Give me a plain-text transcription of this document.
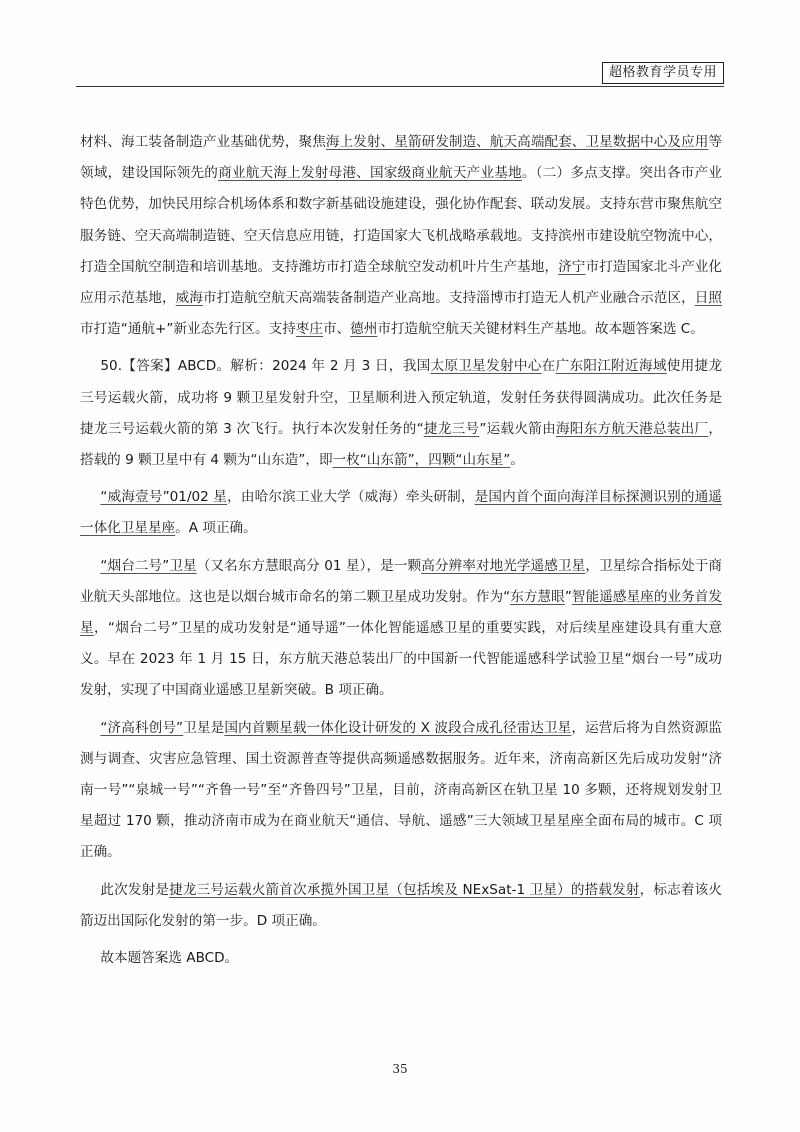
超格教育学员专用

材料、海工装备制造产业基础优势，聚焦海上发射、星箭研发制造、航天高端配套、卫星数据中心及应用等领域，建设国际领先的商业航天海上发射母港、国家级商业航天产业基地。（二）多点支撑。突出各市产业特色优势，加快民用综合机场体系和数字新基础设施建设，强化协作配套、联动发展。支持东营市聚焦航空服务链、空天高端制造链、空天信息应用链，打造国家大飞机战略承载地。支持滨州市建设航空物流中心，打造全国航空制造和培训基地。支持潍坊市打造全球航空发动机叶片生产基地，济宁市打造国家北斗产业化应用示范基地，威海市打造航空航天高端装备制造产业高地。支持淄博市打造无人机产业融合示范区，日照市打造“通航+”新业态先行区。支持枣庄市、德州市打造航空航天关键材料生产基地。故本题答案选 C。

50.【答案】ABCD。解析：2024 年 2 月 3 日，我国太原卫星发射中心在广东阳江附近海域使用捷龙三号运载火箭，成功将 9 颗卫星发射升空，卫星顺利进入预定轨道，发射任务获得圆满成功。此次任务是捷龙三号运载火箭的第 3 次飞行。执行本次发射任务的“捷龙三号”运载火箭由海阳东方航天港总装出厂，搭载的 9 颗卫星中有 4 颗为“山东造”，即一枚“山东箭”，四颗“山东星”。

“威海壹号”01/02 星，由哈尔滨工业大学（威海）牵头研制，是国内首个面向海洋目标探测识别的通遥一体化卫星星座。A 项正确。

“烟台二号”卫星（又名东方慧眼高分 01 星），是一颗高分辨率对地光学遥感卫星，卫星综合指标处于商业航天头部地位。这也是以烟台城市命名的第二颗卫星成功发射。作为“东方慧眼”智能遥感星座的业务首发星，“烟台二号”卫星的成功发射是“通导遥”一体化智能遥感卫星的重要实践，对后续星座建设具有重大意义。早在 2023 年 1 月 15 日，东方航天港总装出厂的中国新一代智能遥感科学试验卫星“烟台一号”成功发射，实现了中国商业遥感卫星新突破。B 项正确。

“济高科创号”卫星是国内首颗星载一体化设计研发的 X 波段合成孔径雷达卫星，运营后将为自然资源监测与调查、灾害应急管理、国土资源普查等提供高频遥感数据服务。近年来，济南高新区先后成功发射“济南一号”“泉城一号”“齐鲁一号”至“齐鲁四号”卫星，目前，济南高新区在轨卫星 10 多颗，还将规划发射卫星超过 170 颗，推动济南市成为在商业航天“通信、导航、遥感”三大领域卫星星座全面布局的城市。C 项正确。

此次发射是捷龙三号运载火箭首次承揽外国卫星（包括埃及 NExSat-1 卫星）的搭载发射，标志着该火箭迈出国际化发射的第一步。D 项正确。

故本题答案选 ABCD。

35
